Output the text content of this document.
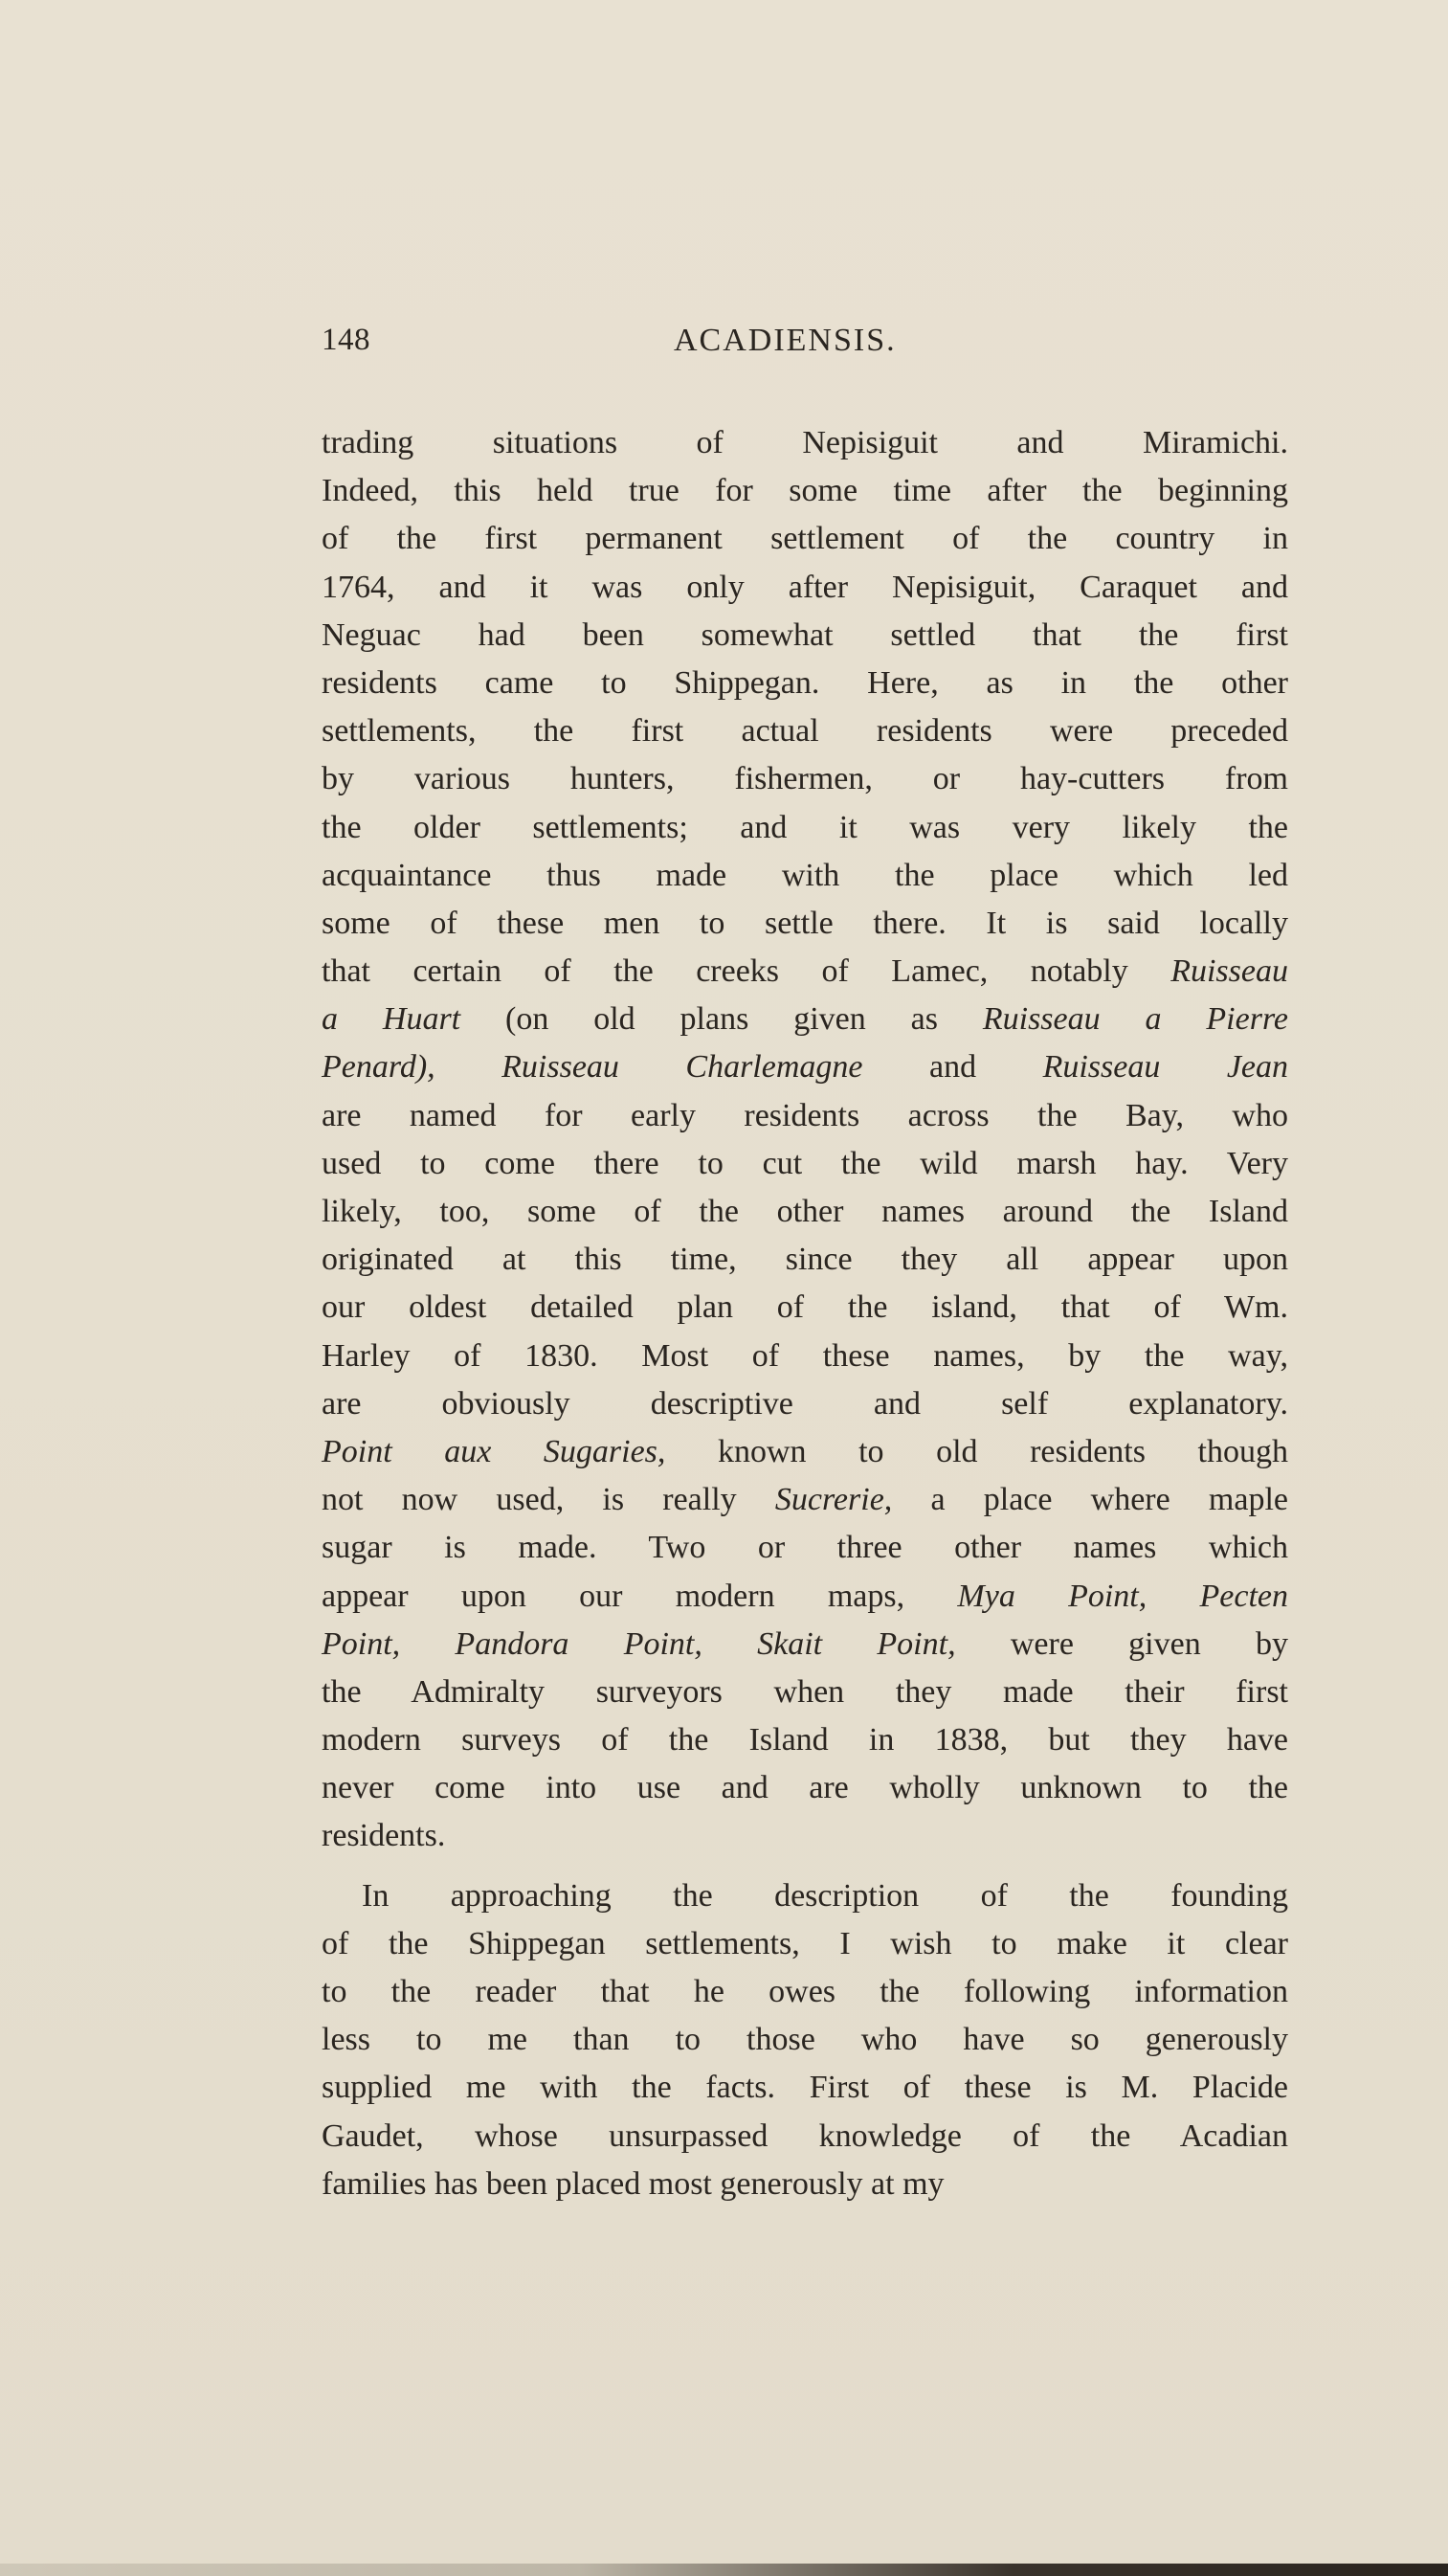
148	ACADIENSIS.
trading situations of Nepisiguit and Miramichi.
Indeed, this held true for some time after the beginning
of the first permanent settlement of the country in
1764, and it was only after Nepisiguit, Caraquet and
Neguac had been somewhat settled that the first
residents came to Shippegan. Here, as in the other
settlements, the first actual residents were preceded
by various hunters, fishermen, or hay-cutters from
the older settlements; and it was very likely the
acquaintance thus made with the place which led
some of these men to settle there. It is said locally
that certain of the creeks of Lamec, notably Ruisseau
a Huart (on old plans given as Ruisseau a Pierre
Penard), Ruisseau Charlemagne and Ruisseau Jean
are named for early residents across the Bay, who
used to come there to cut the wild marsh hay. Very
likely, too, some of the other names around the Island
originated at this time, since they all appear upon
our oldest detailed plan of the island, that of Wm.
Harley of 1830. Most of these names, by the way,
are obviously descriptive and self explanatory.
Point aux Sugaries, known to old residents though
not now used, is really Sucrerie, a place where maple
sugar is made. Two or three other names which
appear upon our modern maps, Mya Point, Pecten
Point, Pandora Point, Skait Point, were given by
the Admiralty surveyors when they made their first
modern surveys of the Island in 1838, but they have
never come into use and are wholly unknown to the
residents.
In approaching the description of the founding
of the Shippegan settlements, I wish to make it clear
to the reader that he owes the following information
less to me than to those who have so generously
supplied me with the facts. First of these is M. Placide
Gaudet, whose unsurpassed knowledge of the Acadian
families has been placed most generously at my
